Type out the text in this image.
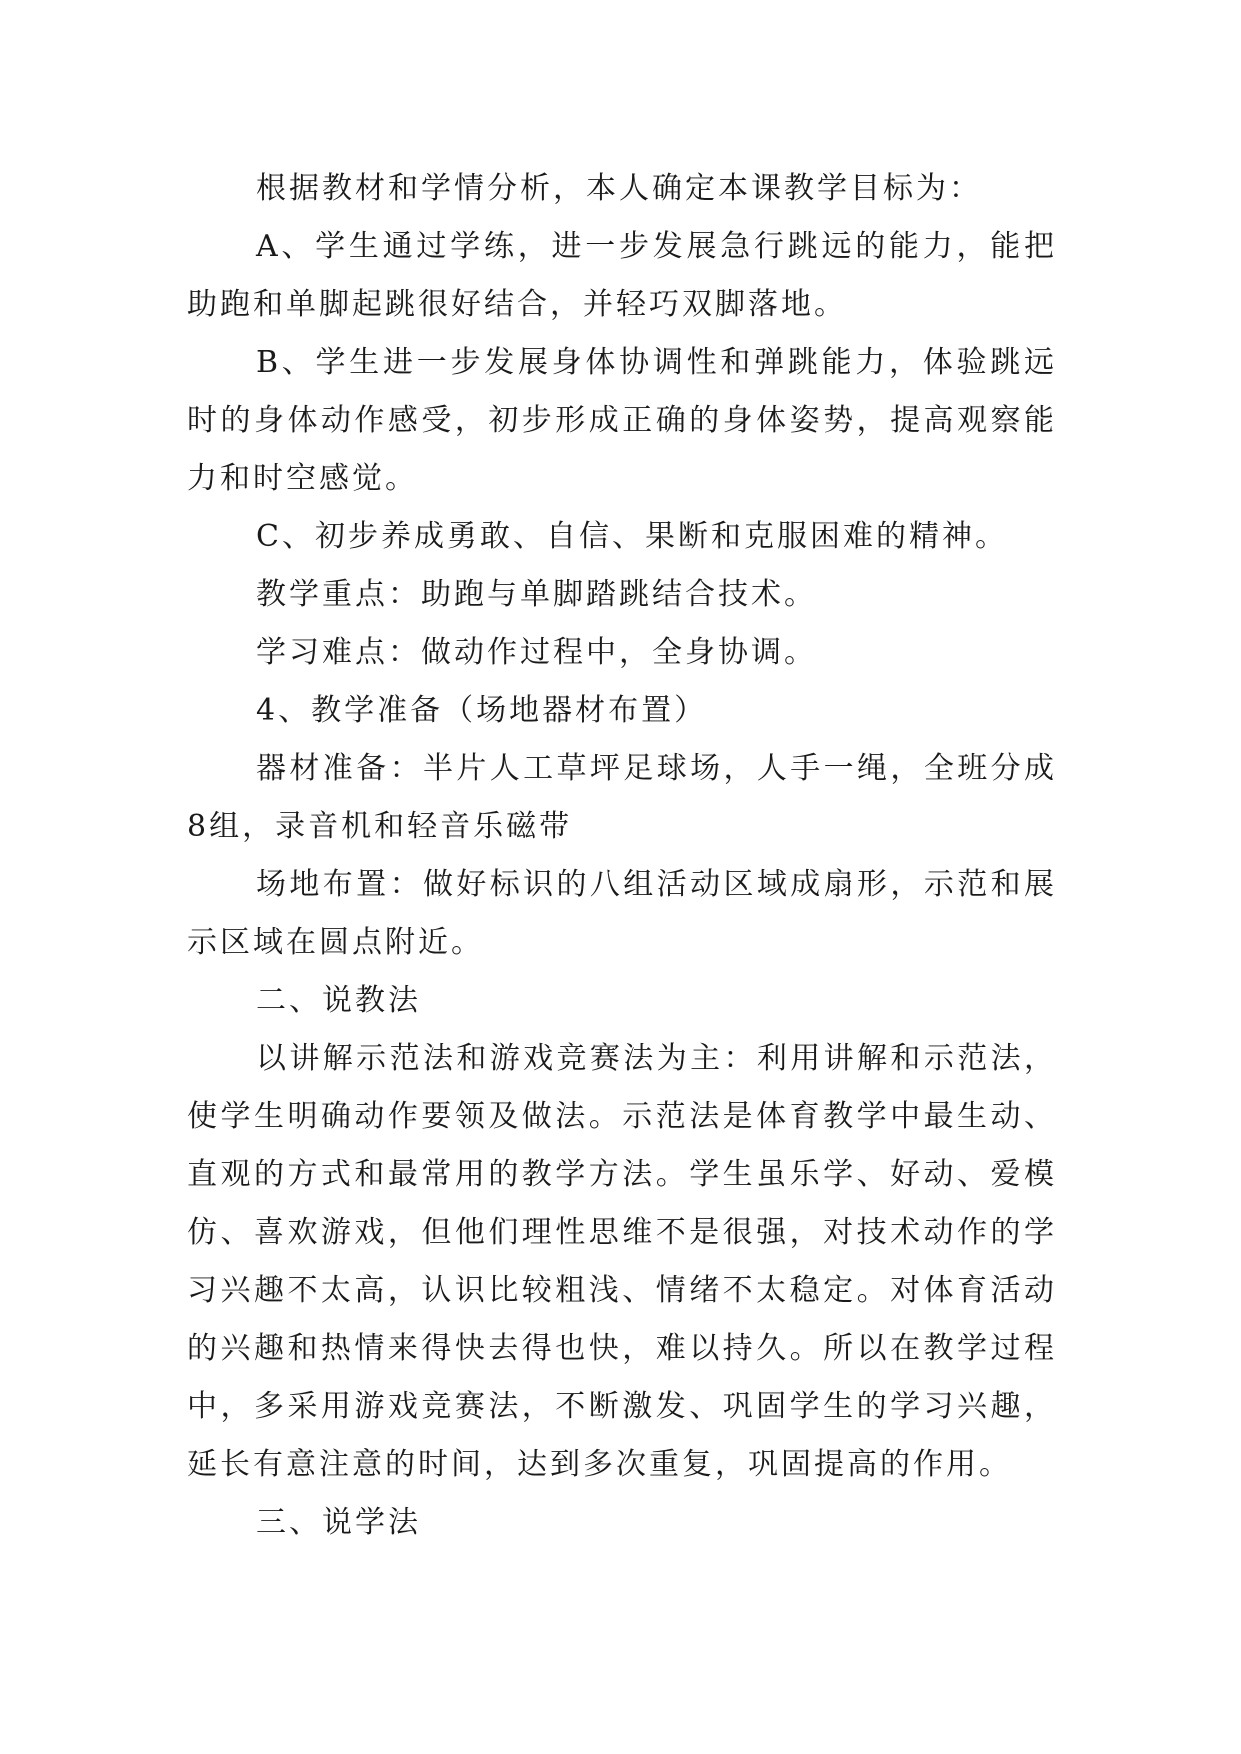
根据教材和学情分析，本人确定本课教学目标为：

A、学生通过学练，进一步发展急行跳远的能力，能把助跑和单脚起跳很好结合，并轻巧双脚落地。

B、学生进一步发展身体协调性和弹跳能力，体验跳远时的身体动作感受，初步形成正确的身体姿势，提高观察能力和时空感觉。

C、初步养成勇敢、自信、果断和克服困难的精神。

教学重点：助跑与单脚踏跳结合技术。

学习难点：做动作过程中，全身协调。

4、教学准备（场地器材布置）

器材准备：半片人工草坪足球场，人手一绳，全班分成8组，录音机和轻音乐磁带

场地布置：做好标识的八组活动区域成扇形，示范和展示区域在圆点附近。

二、说教法

以讲解示范法和游戏竞赛法为主：利用讲解和示范法，使学生明确动作要领及做法。示范法是体育教学中最生动、直观的方式和最常用的教学方法。学生虽乐学、好动、爱模仿、喜欢游戏，但他们理性思维不是很强，对技术动作的学习兴趣不太高，认识比较粗浅、情绪不太稳定。对体育活动的兴趣和热情来得快去得也快，难以持久。所以在教学过程中，多采用游戏竞赛法，不断激发、巩固学生的学习兴趣，延长有意注意的时间，达到多次重复，巩固提高的作用。

三、说学法
